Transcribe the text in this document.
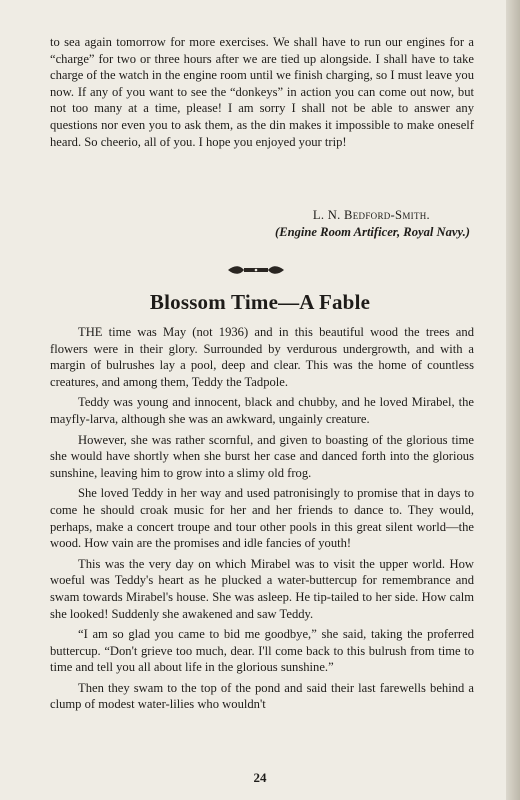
to sea again tomorrow for more exercises. We shall have to run our engines for a “charge” for two or three hours after we are tied up alongside. I shall have to take charge of the watch in the engine room until we finish charging, so I must leave you now. If any of you want to see the “donkeys” in action you can come out now, but not too many at a time, please! I am sorry I shall not be able to answer any questions nor even you to ask them, as the din makes it impossible to make oneself heard. So cheerio, all of you. I hope you enjoyed your trip!

L. N. Bedford-Smith.
(Engine Room Artificer, Royal Navy.)
Blossom Time—A Fable

THE time was May (not 1936) and in this beautiful wood the trees and flowers were in their glory. Surrounded by verdurous undergrowth, and with a margin of bulrushes lay a pool, deep and clear. This was the home of countless creatures, and among them, Teddy the Tadpole.

Teddy was young and innocent, black and chubby, and he loved Mirabel, the mayfly-larva, although she was an awkward, ungainly creature.

However, she was rather scornful, and given to boasting of the glorious time she would have shortly when she burst her case and danced forth into the glorious sunshine, leaving him to grow into a slimy old frog.

She loved Teddy in her way and used patronisingly to promise that in days to come he should croak music for her and her friends to dance to. They would, perhaps, make a concert troupe and tour other pools in this great silent world—the wood. How vain are the promises and idle fancies of youth!

This was the very day on which Mirabel was to visit the upper world. How woeful was Teddy's heart as he plucked a water-buttercup for remembrance and swam towards Mirabel's house. She was asleep. He tip-tailed to her side. How calm she looked! Suddenly she awakened and saw Teddy.

“I am so glad you came to bid me goodbye,” she said, taking the proferred buttercup. “Don't grieve too much, dear. I'll come back to this bulrush from time to time and tell you all about life in the glorious sunshine.”

Then they swam to the top of the pond and said their last farewells behind a clump of modest water-lilies who wouldn't

24
